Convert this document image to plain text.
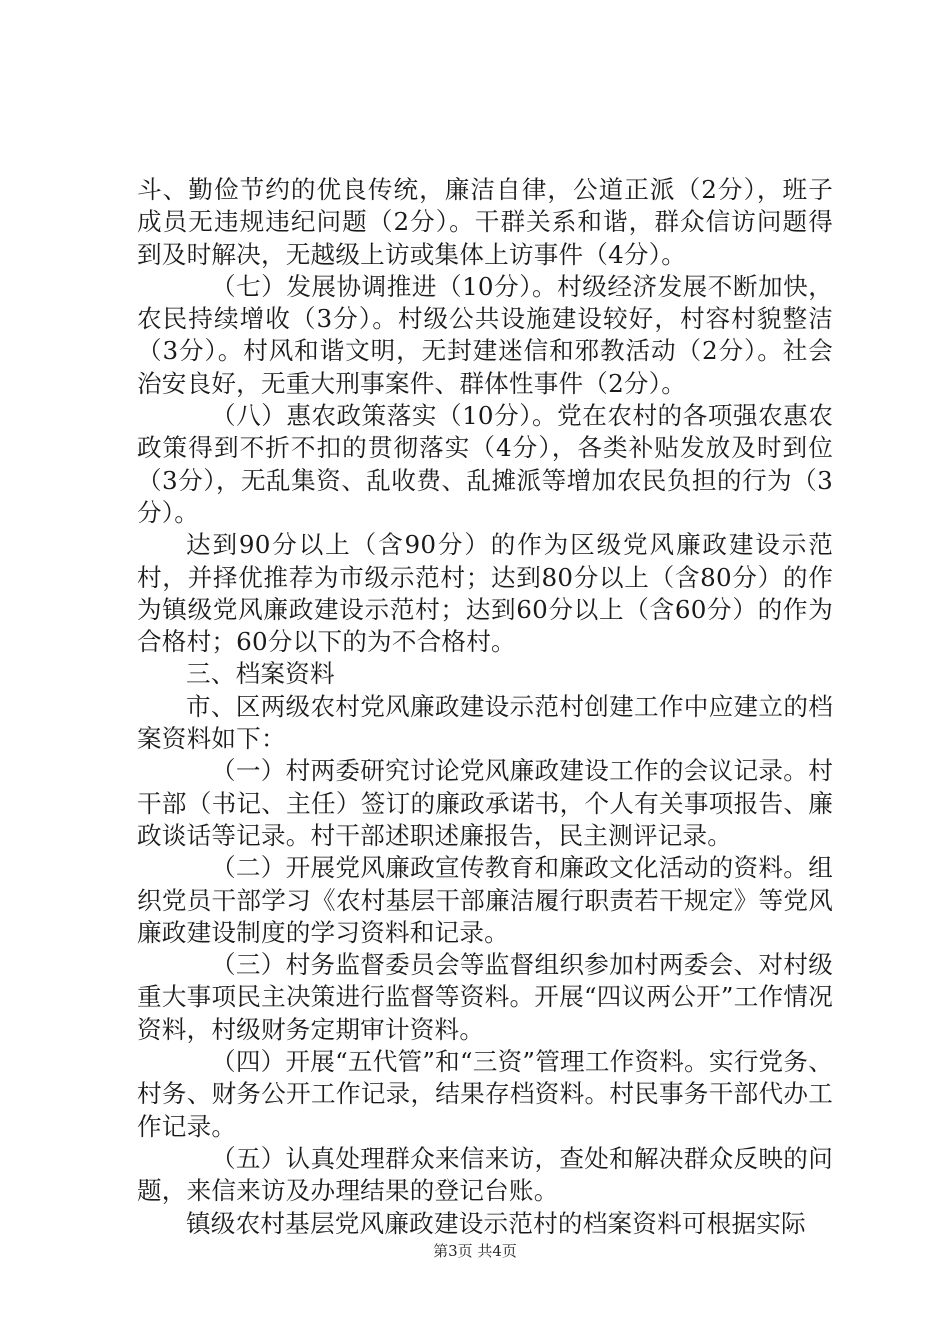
斗、勤俭节约的优良传统，廉洁自律，公道正派（2分），班子成员无违规违纪问题（2分）。干群关系和谐，群众信访问题得到及时解决，无越级上访或集体上访事件（4分）。

（七）发展协调推进（10分）。村级经济发展不断加快，农民持续增收（3分）。村级公共设施建设较好，村容村貌整洁（3分）。村风和谐文明，无封建迷信和邪教活动（2分）。社会治安良好，无重大刑事案件、群体性事件（2分）。

（八）惠农政策落实（10分）。党在农村的各项强农惠农政策得到不折不扣的贯彻落实（4分），各类补贴发放及时到位（3分），无乱集资、乱收费、乱摊派等增加农民负担的行为（3分）。

达到90分以上（含90分）的作为区级党风廉政建设示范村，并择优推荐为市级示范村；达到80分以上（含80分）的作为镇级党风廉政建设示范村；达到60分以上（含60分）的作为合格村；60分以下的为不合格村。

三、档案资料

市、区两级农村党风廉政建设示范村创建工作中应建立的档案资料如下：

（一）村两委研究讨论党风廉政建设工作的会议记录。村干部（书记、主任）签订的廉政承诺书，个人有关事项报告、廉政谈话等记录。村干部述职述廉报告，民主测评记录。

（二）开展党风廉政宣传教育和廉政文化活动的资料。组织党员干部学习《农村基层干部廉洁履行职责若干规定》等党风廉政建设制度的学习资料和记录。

（三）村务监督委员会等监督组织参加村两委会、对村级重大事项民主决策进行监督等资料。开展“四议两公开”工作情况资料，村级财务定期审计资料。

（四）开展“五代管”和“三资”管理工作资料。实行党务、村务、财务公开工作记录，结果存档资料。村民事务干部代办工作记录。

（五）认真处理群众来信来访，查处和解决群众反映的问题，来信来访及办理结果的登记台账。

镇级农村基层党风廉政建设示范村的档案资料可根据实际

第3页 共4页
